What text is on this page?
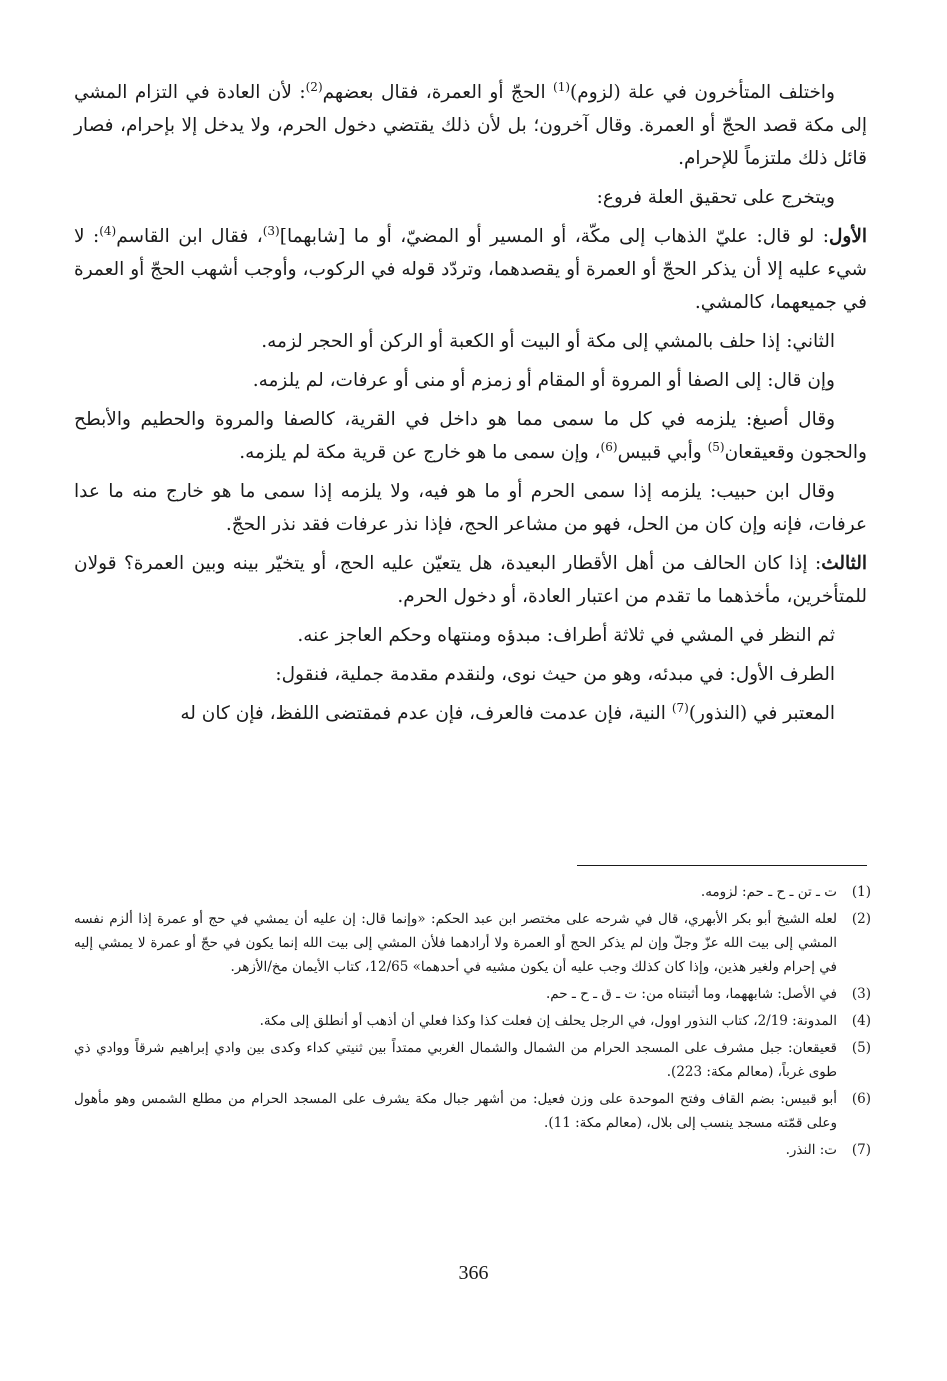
واختلف المتأخرون في علة (لزوم)$^{(1)}$ الحجّ أو العمرة، فقال بعضهم$^{(2)}$: لأن العادة في التزام المشي إلى مكة قصد الحجّ أو العمرة. وقال آخرون؛ بل لأن ذلك يقتضي دخول الحرم، ولا يدخل إلا بإحرام، فصار قائل ذلك ملتزماً للإحرام.

ويتخرج على تحقيق العلة فروع:

الأول: لو قال: عليّ الذهاب إلى مكّة، أو المسير أو المضيّ، أو ما [شابهما]$^{(3)}$، فقال ابن القاسم$^{(4)}$: لا شيء عليه إلا أن يذكر الحجّ أو العمرة أو يقصدهما، وتردّد قوله في الركوب، وأوجب أشهب الحجّ أو العمرة في جميعهما، كالمشي.

الثاني: إذا حلف بالمشي إلى مكة أو البيت أو الكعبة أو الركن أو الحجر لزمه.

وإن قال: إلى الصفا أو المروة أو المقام أو زمزم أو منى أو عرفات، لم يلزمه.

وقال أصبغ: يلزمه في كل ما سمى مما هو داخل في القرية، كالصفا والمروة والحطيم والأبطح والحجون وقعيقعان$^{(5)}$ وأبي قبيس$^{(6)}$، وإن سمى ما هو خارج عن قرية مكة لم يلزمه.

وقال ابن حبيب: يلزمه إذا سمى الحرم أو ما هو فيه، ولا يلزمه إذا سمى ما هو خارج منه ما عدا عرفات، فإنه وإن كان من الحل، فهو من مشاعر الحج، فإذا نذر عرفات فقد نذر الحجّ.

الثالث: إذا كان الحالف من أهل الأقطار البعيدة، هل يتعيّن عليه الحج، أو يتخيّر بينه وبين العمرة؟ قولان للمتأخرين، مأخذهما ما تقدم من اعتبار العادة، أو دخول الحرم.

ثم النظر في المشي في ثلاثة أطراف: مبدؤه ومنتهاه وحكم العاجز عنه.

الطرف الأول: في مبدئه، وهو من حيث نوى، ولنقدم مقدمة جملية، فنقول:

المعتبر في (النذور)$^{(7)}$ النية، فإن عدمت فالعرف، فإن عدم فمقتضى اللفظ، فإن كان له

(1)
ت ـ تن ـ ح ـ حم: لزومه.
(2)
لعله الشيخ أبو بكر الأبهري، قال في شرحه على مختصر ابن عبد الحكم: «وإنما قال: إن عليه أن يمشي في حج أو عمرة إذا ألزم نفسه المشي إلى بيت الله عزّ وجلّ وإن لم يذكر الحج أو العمرة ولا أرادهما فلأن المشي إلى بيت الله إنما يكون في حجّ أو عمرة لا يمشي إليه في إحرام ولغير هذين، وإذا كان كذلك وجب عليه أن يكون مشيه في أحدهما» 12/65، كتاب الأيمان مخ/الأزهر.
(3)
في الأصل: شابههما، وما أثبتناه من: ت ـ ق ـ ح ـ حم.
(4)
المدونة: 2/19، كتاب النذور اوول، في الرجل يحلف إن فعلت كذا وكذا فعلي أن أذهب أو أنطلق إلى مكة.
(5)
قعيقعان: جبل مشرف على المسجد الحرام من الشمال والشمال الغربي ممتداً بين ثنيتي كداء وكدى بين وادي إبراهيم شرقاً ووادي ذي طوى غرباً، (معالم مكة: 223).
(6)
أبو قبيس: بضم القاف وفتح الموحدة على وزن فعيل: من أشهر جبال مكة يشرف على المسجد الحرام من مطلع الشمس وهو مأهول وعلى قمّته مسجد ينسب إلى بلال، (معالم مكة: 11).
(7)
ت: النذر.
366
